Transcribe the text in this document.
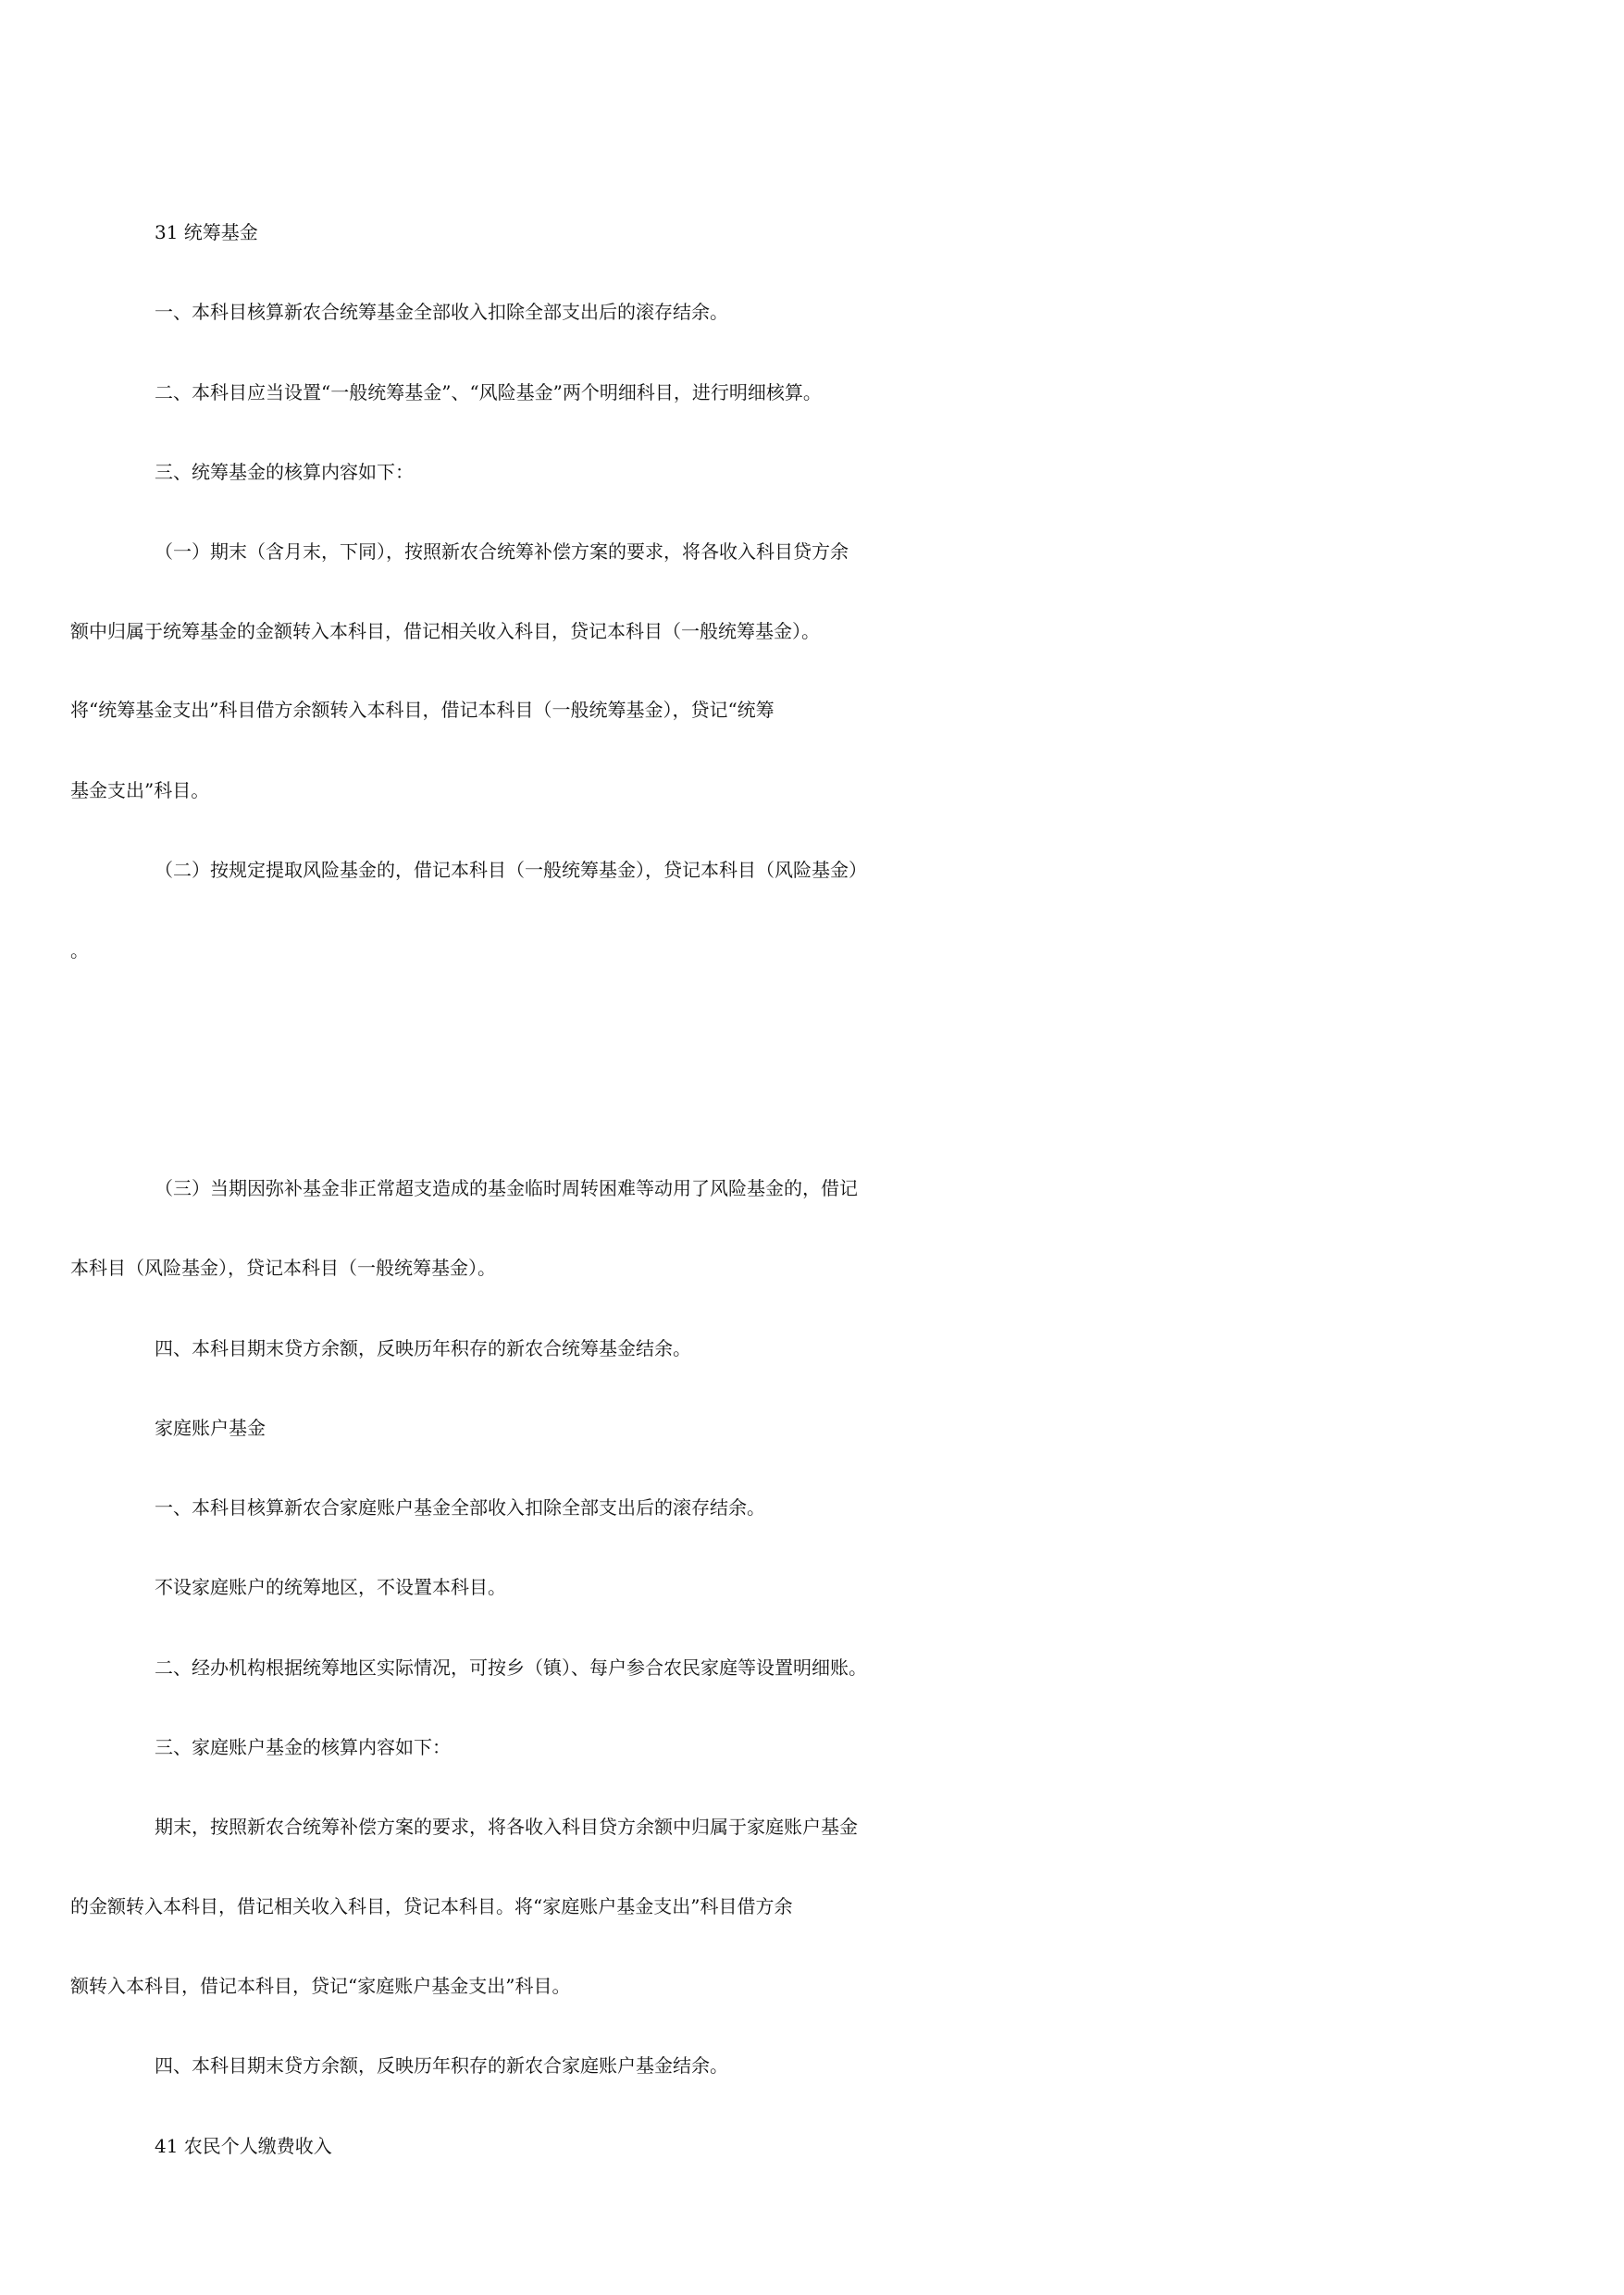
31 统筹基金
一、本科目核算新农合统筹基金全部收入扣除全部支出后的滚存结余。
二、本科目应当设置“一般统筹基金”、“风险基金”两个明细科目，进行明细核算。
三、统筹基金的核算内容如下：
（一）期末（含月末，下同），按照新农合统筹补偿方案的要求，将各收入科目贷方余
额中归属于统筹基金的金额转入本科目，借记相关收入科目，贷记本科目（一般统筹基金）。
将“统筹基金支出”科目借方余额转入本科目，借记本科目（一般统筹基金），贷记“统筹
基金支出”科目。
（二）按规定提取风险基金的，借记本科目（一般统筹基金），贷记本科目（风险基金）
。
（三）当期因弥补基金非正常超支造成的基金临时周转困难等动用了风险基金的，借记
本科目（风险基金），贷记本科目（一般统筹基金）。
四、本科目期末贷方余额，反映历年积存的新农合统筹基金结余。
家庭账户基金
一、本科目核算新农合家庭账户基金全部收入扣除全部支出后的滚存结余。
不设家庭账户的统筹地区，不设置本科目。
二、经办机构根据统筹地区实际情况，可按乡（镇）、每户参合农民家庭等设置明细账。
三、家庭账户基金的核算内容如下：
期末，按照新农合统筹补偿方案的要求，将各收入科目贷方余额中归属于家庭账户基金
的金额转入本科目，借记相关收入科目，贷记本科目。将“家庭账户基金支出”科目借方余
额转入本科目，借记本科目，贷记“家庭账户基金支出”科目。
四、本科目期末贷方余额，反映历年积存的新农合家庭账户基金结余。
41 农民个人缴费收入
